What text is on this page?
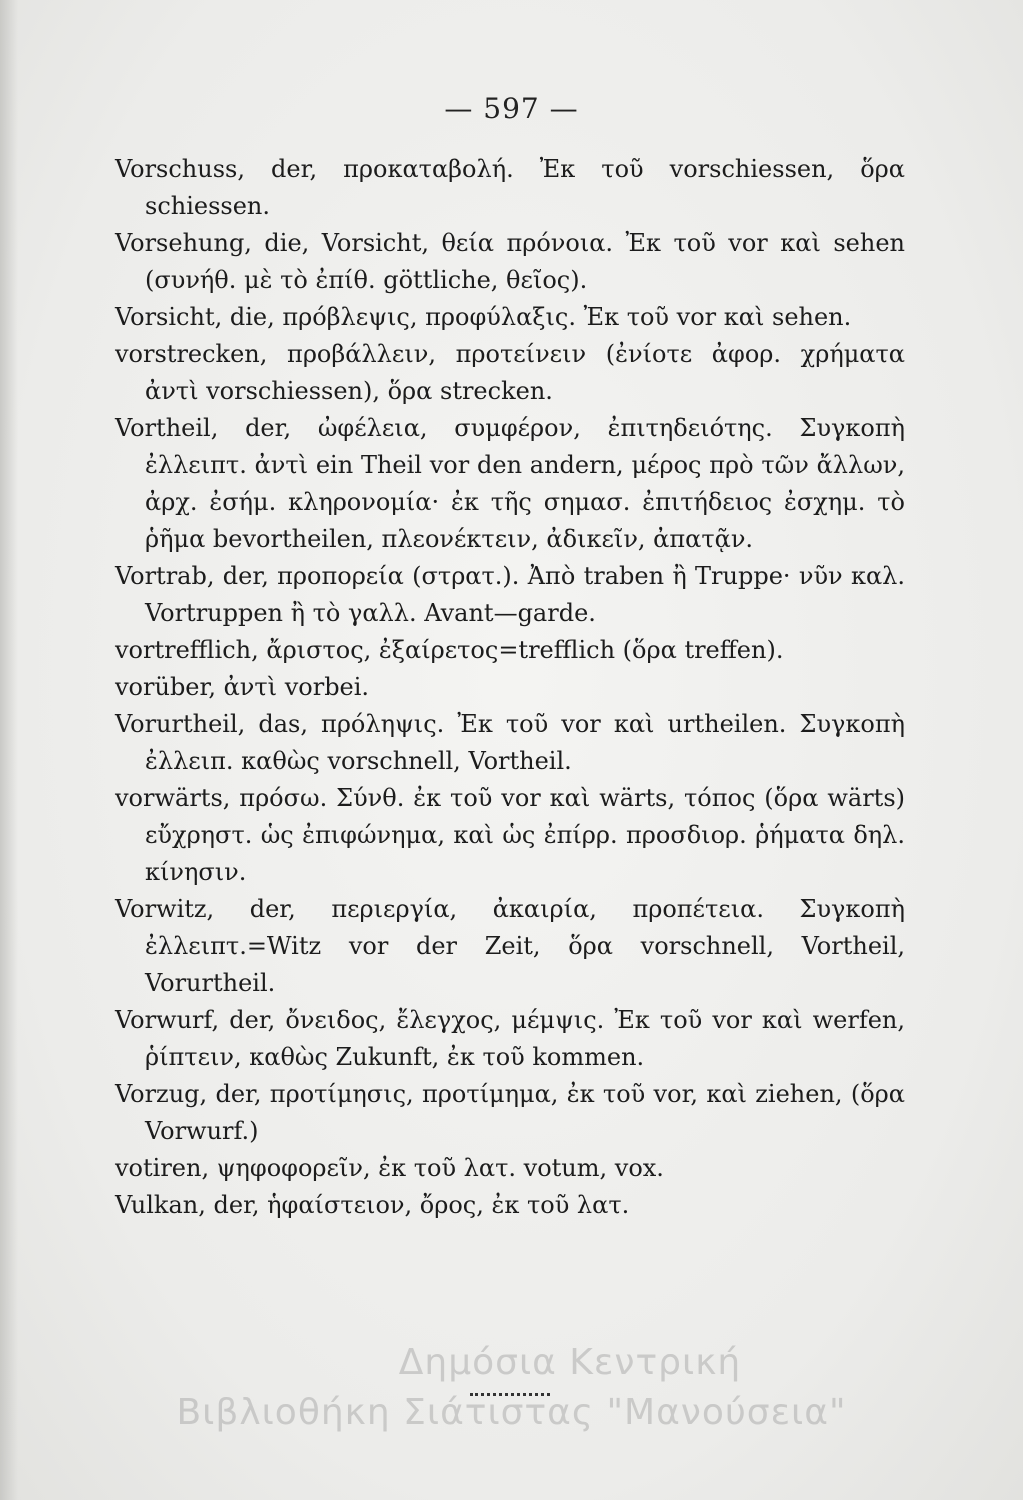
— 597 —

Vorschuss, der, προκαταβολή. Ἐκ τοῦ vorschiessen, ὅρα schiessen.

Vorsehung, die, Vorsicht, θεία πρόνοια. Ἐκ τοῦ vor καὶ sehen (συνήθ. μὲ τὸ ἐπίθ. göttliche, θεῖος).

Vorsicht, die, πρόβλεψις, προφύλαξις. Ἐκ τοῦ vor καὶ sehen.

vorstrecken, προβάλλειν, προτείνειν (ἐνίοτε ἀφορ. χρήματα ἀντὶ vorschiessen), ὅρα strecken.

Vortheil, der, ὠφέλεια, συμφέρον, ἐπιτηδειότης. Συγκοπὴ ἐλλειπτ. ἀντὶ ein Theil vor den andern, μέρος πρὸ τῶν ἄλλων, ἀρχ. ἐσήμ. κληρονομία· ἐκ τῆς σημασ. ἐπιτήδειος ἐσχημ. τὸ ῥῆμα bevortheilen, πλεονέκτειν, ἀδικεῖν, ἀπατᾷν.

Vortrab, der, προπορεία (στρατ.). Ἀπὸ traben ἢ Truppe· νῦν καλ. Vortruppen ἢ τὸ γαλλ. Avant—garde.

vortrefflich, ἄριστος, ἐξαίρετος=trefflich (ὅρα treffen).

vorüber, ἀντὶ vorbei.

Vorurtheil, das, πρόληψις. Ἐκ τοῦ vor καὶ urtheilen. Συγκοπὴ ἐλλειπ. καθὼς vorschnell, Vortheil.

vorwärts, πρόσω. Σύνθ. ἐκ τοῦ vor καὶ wärts, τόπος (ὅρα wärts) εὔχρηστ. ὡς ἐπιφώνημα, καὶ ὡς ἐπίρρ. προσδιορ. ῥήματα δηλ. κίνησιν.

Vorwitz, der, περιεργία, ἀκαιρία, προπέτεια. Συγκοπὴ ἐλλειπτ.=Witz vor der Zeit, ὅρα vorschnell, Vortheil, Vorurtheil.

Vorwurf, der, ὄνειδος, ἔλεγχος, μέμψις. Ἐκ τοῦ vor καὶ werfen, ῥίπτειν, καθὼς Zukunft, ἐκ τοῦ kommen.

Vorzug, der, προτίμησις, προτίμημα, ἐκ τοῦ vor, καὶ ziehen, (ὅρα Vorwurf.)

votiren, ψηφοφορεῖν, ἐκ τοῦ λατ. votum, vox.

Vulkan, der, ἡφαίστειον, ὄρος, ἐκ τοῦ λατ.

Δημόσια Κεντρική
Βιβλιοθήκη Σιάτιστας "Μανούσεια"
